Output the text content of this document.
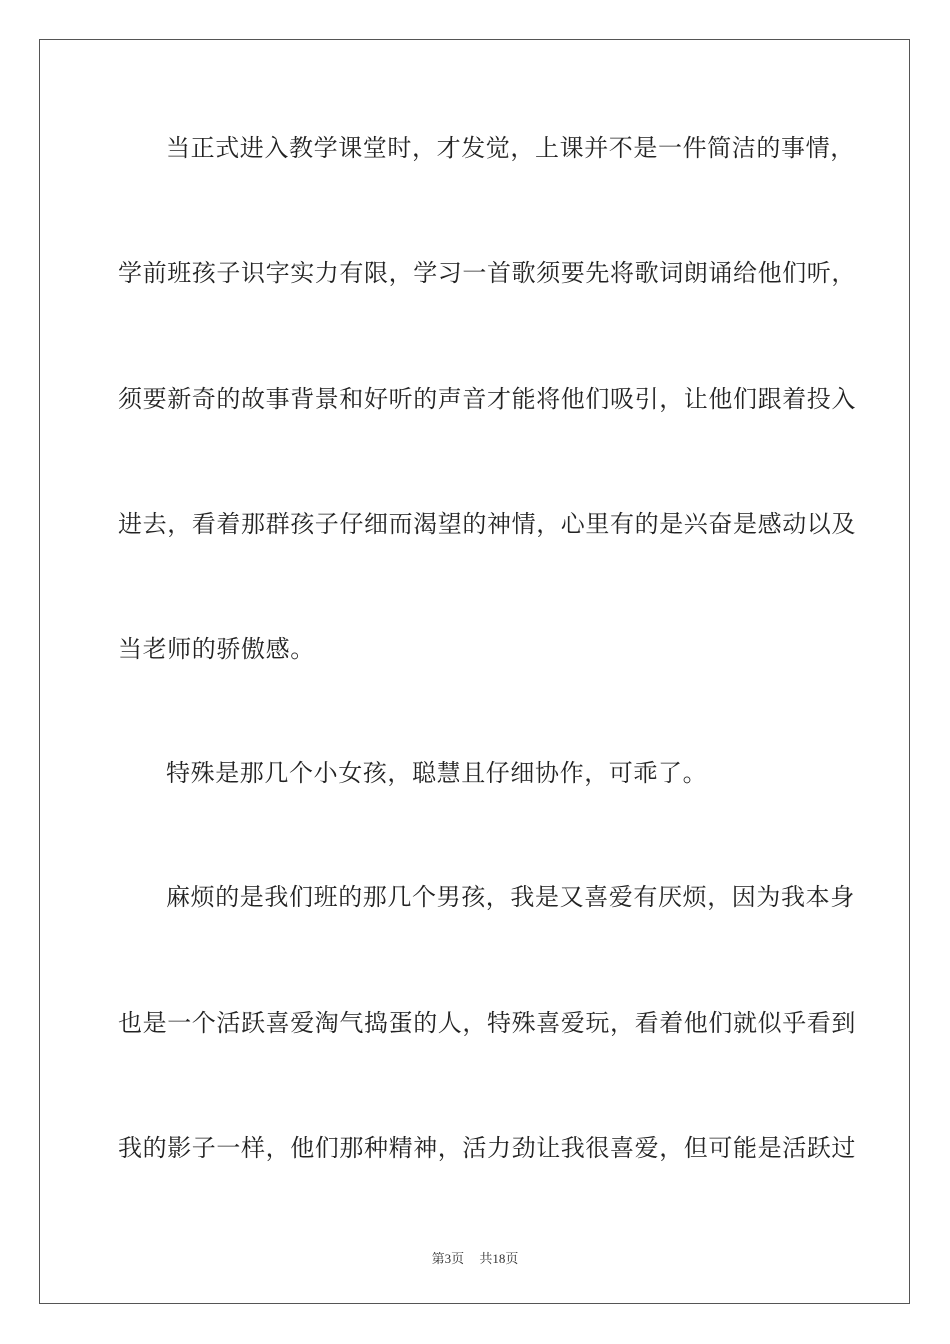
当正式进入教学课堂时，才发觉，上课并不是一件简洁的事情，
学前班孩子识字实力有限，学习一首歌须要先将歌词朗诵给他们听，
须要新奇的故事背景和好听的声音才能将他们吸引，让他们跟着投入
进去，看着那群孩子仔细而渴望的神情，心里有的是兴奋是感动以及
当老师的骄傲感。
特殊是那几个小女孩，聪慧且仔细协作，可乖了。
麻烦的是我们班的那几个男孩，我是又喜爱有厌烦，因为我本身
也是一个活跃喜爱淘气捣蛋的人，特殊喜爱玩，看着他们就似乎看到
我的影子一样，他们那种精神，活力劲让我很喜爱，但可能是活跃过
第3页 共18页
